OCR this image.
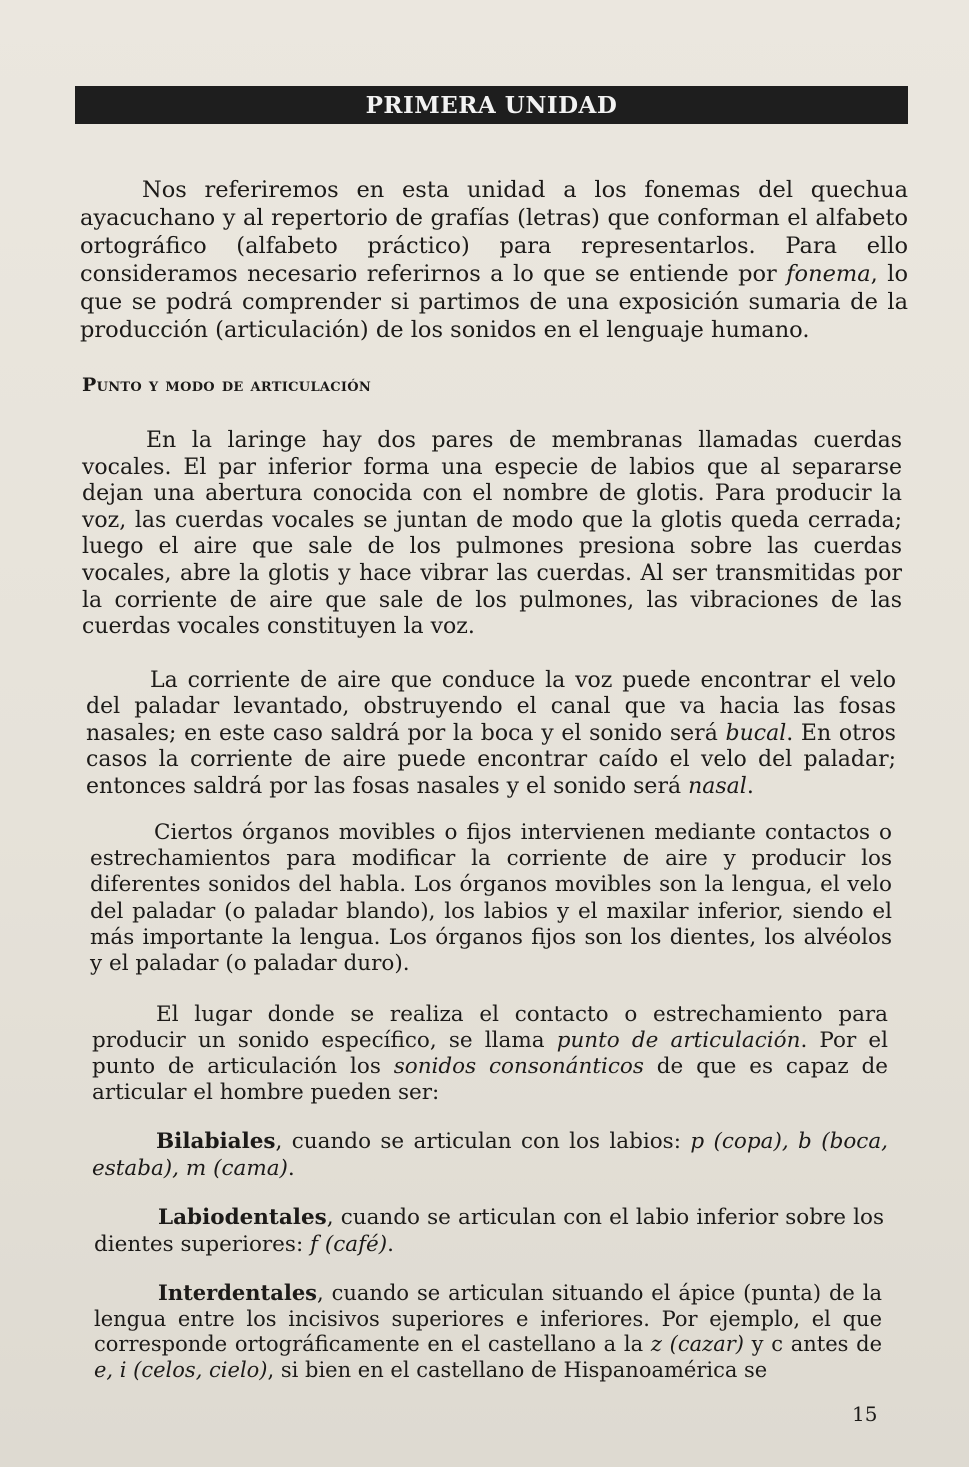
PRIMERA UNIDAD

Nos referiremos en esta unidad a los fonemas del quechua ayacuchano y al repertorio de grafías (letras) que conforman el alfabeto ortográfico (alfabeto práctico) para representarlos. Para ello consideramos necesario referirnos a lo que se entiende por fonema, lo que se podrá comprender si partimos de una exposición sumaria de la producción (articulación) de los sonidos en el lenguaje humano.

Punto y modo de articulación

En la laringe hay dos pares de membranas llamadas cuerdas vocales. El par inferior forma una especie de labios que al separarse dejan una abertura conocida con el nombre de glotis. Para producir la voz, las cuerdas vocales se juntan de modo que la glotis queda cerrada; luego el aire que sale de los pulmones presiona sobre las cuerdas vocales, abre la glotis y hace vibrar las cuerdas. Al ser transmitidas por la corriente de aire que sale de los pulmones, las vibraciones de las cuerdas vocales constituyen la voz.

La corriente de aire que conduce la voz puede encontrar el velo del paladar levantado, obstruyendo el canal que va hacia las fosas nasales; en este caso saldrá por la boca y el sonido será bucal. En otros casos la corriente de aire puede encontrar caído el velo del paladar; entonces saldrá por las fosas nasales y el sonido será nasal.

Ciertos órganos movibles o fijos intervienen mediante contactos o estrechamientos para modificar la corriente de aire y producir los diferentes sonidos del habla. Los órganos movibles son la lengua, el velo del paladar (o paladar blando), los labios y el maxilar inferior, siendo el más importante la lengua. Los órganos fijos son los dientes, los alvéolos y el paladar (o paladar duro).

El lugar donde se realiza el contacto o estrechamiento para producir un sonido específico, se llama punto de articulación. Por el punto de articulación los sonidos consonánticos de que es capaz de articular el hombre pueden ser:

Bilabiales, cuando se articulan con los labios: p (copa), b (boca, estaba), m (cama).

Labiodentales, cuando se articulan con el labio inferior sobre los dientes superiores: f (café).

Interdentales, cuando se articulan situando el ápice (punta) de la lengua entre los incisivos superiores e inferiores. Por ejemplo, el que corresponde ortográficamente en el castellano a la z (cazar) y c antes de e, i (celos, cielo), si bien en el castellano de Hispanoamérica se

15
